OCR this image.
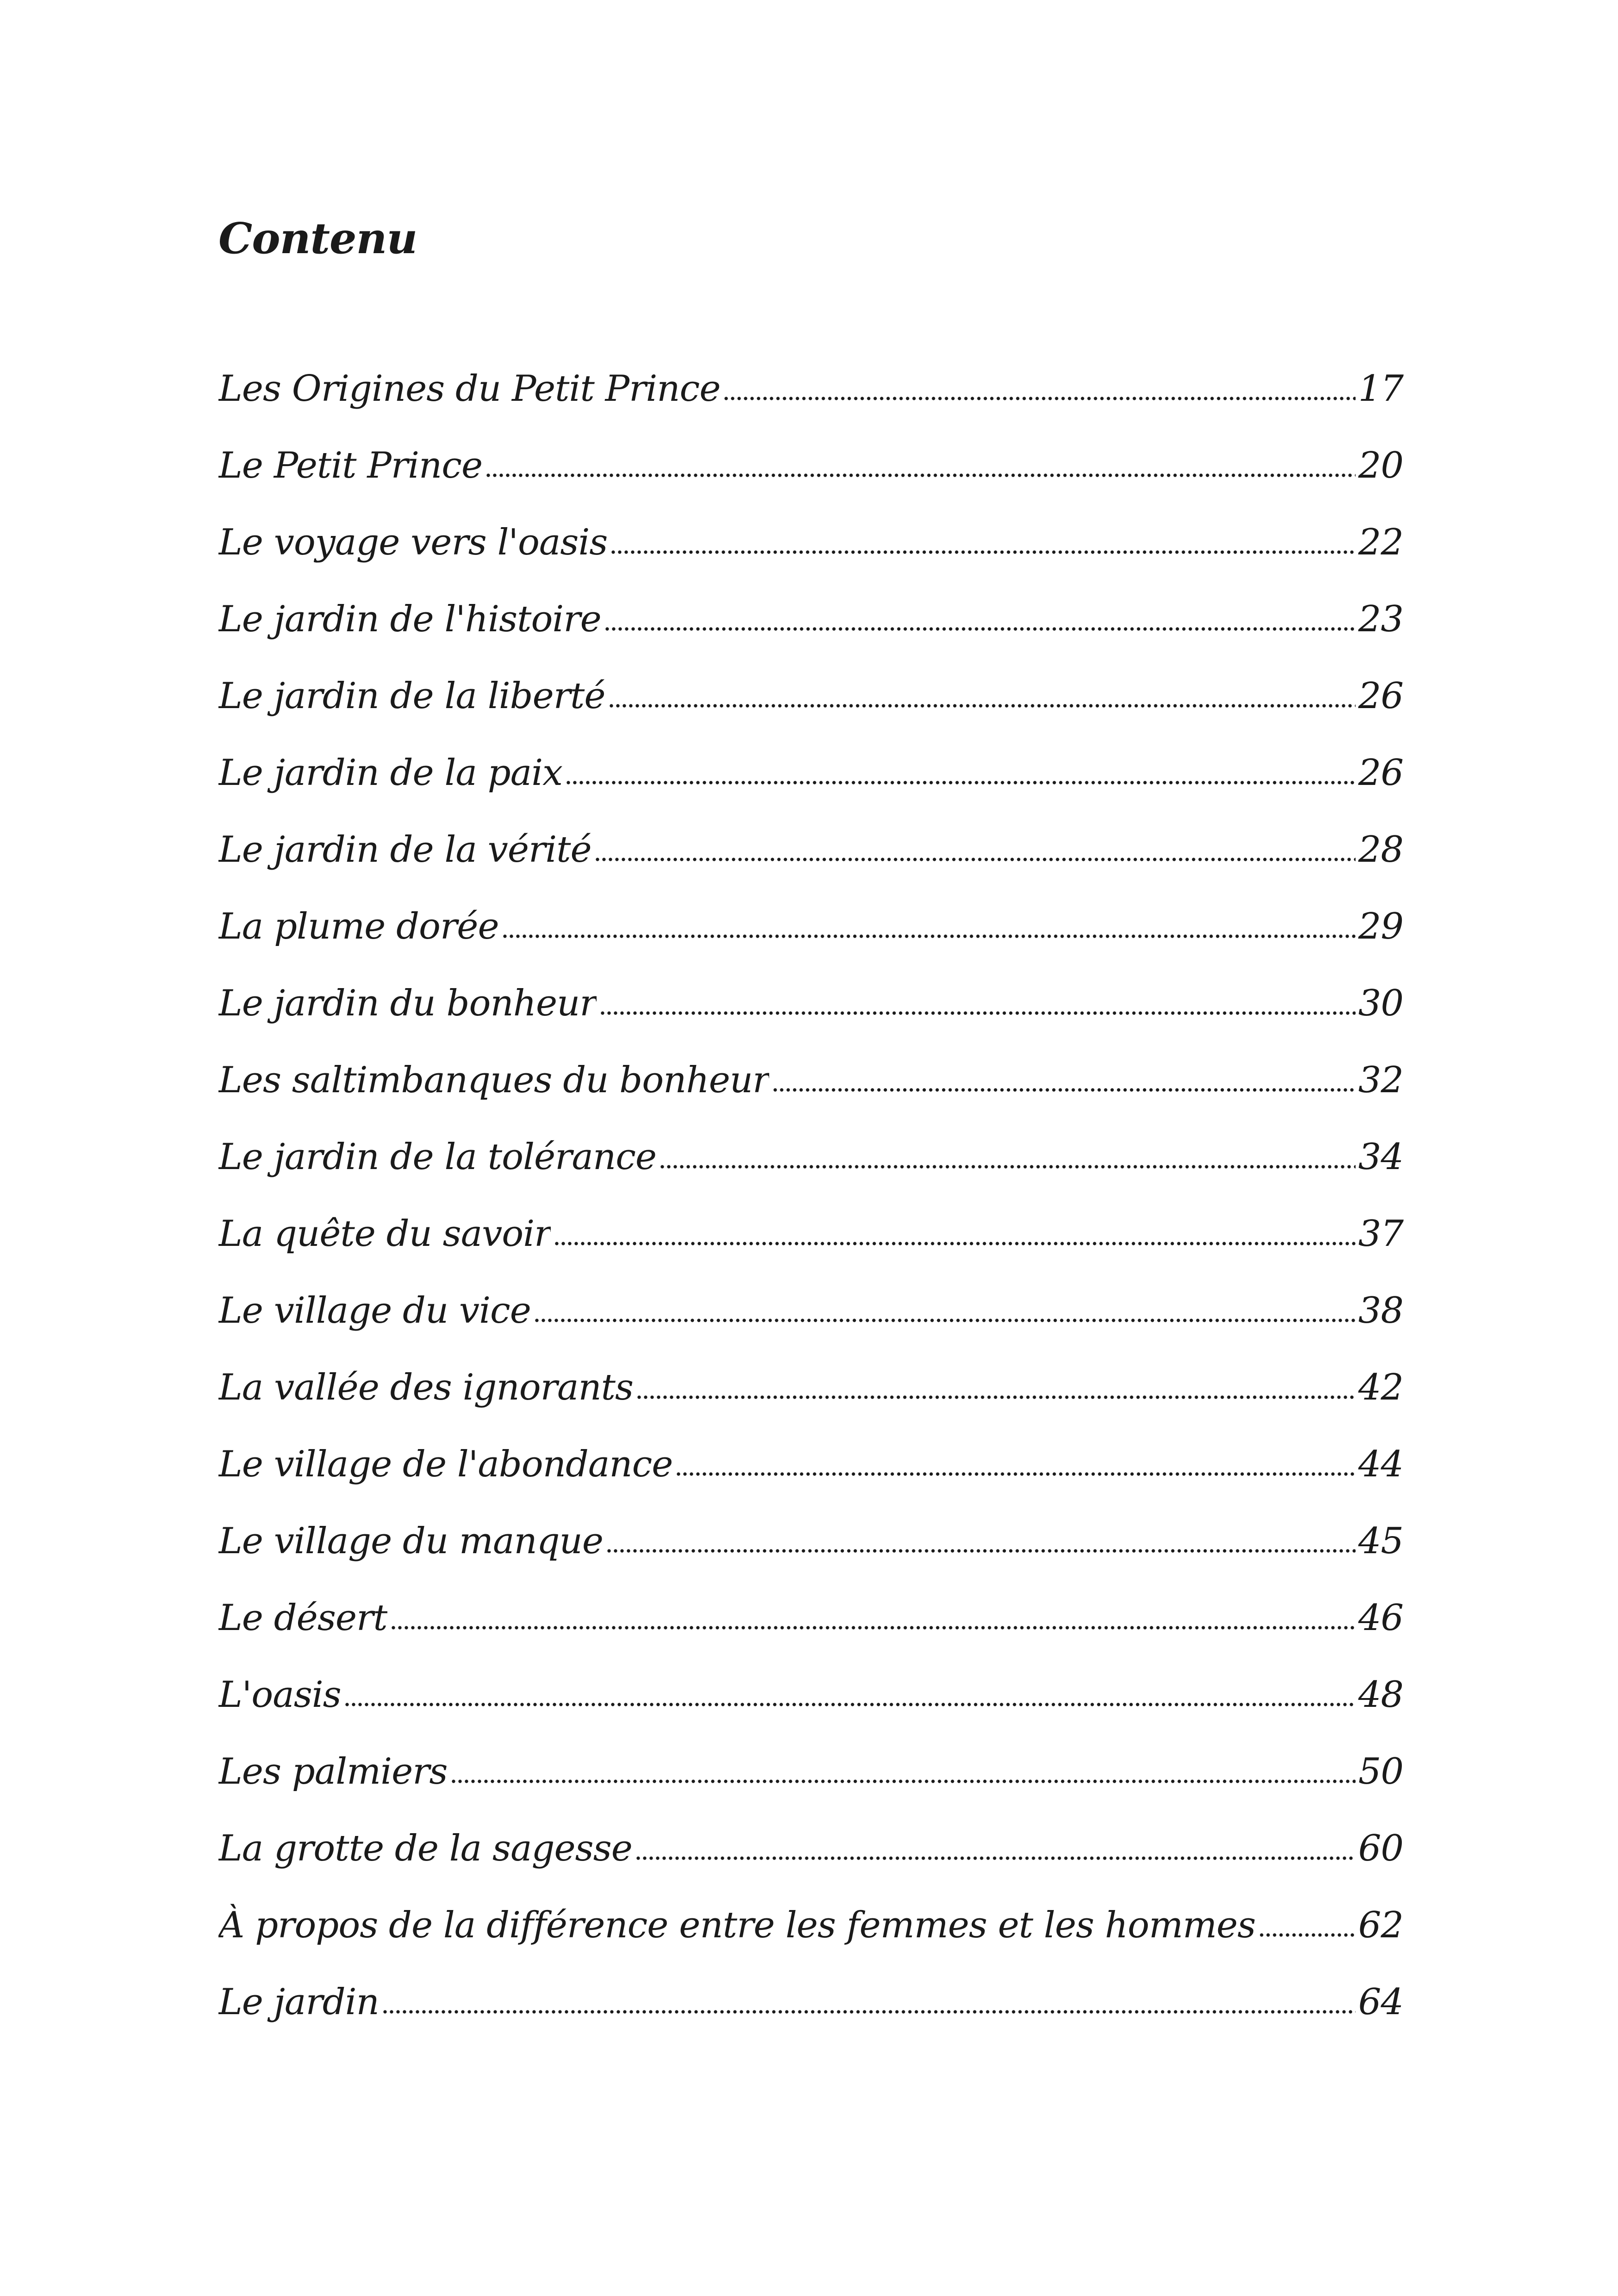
Contenu
Les Origines du Petit Prince	17
Le Petit Prince	20
Le voyage vers l'oasis	22
Le jardin de l'histoire	23
Le jardin de la liberté	26
Le jardin de la paix	26
Le jardin de la vérité	28
La plume dorée	29
Le jardin du bonheur	30
Les saltimbanques du bonheur	32
Le jardin de la tolérance	34
La quête du savoir	37
Le village du vice	38
La vallée des ignorants	42
Le village de l'abondance	44
Le village du manque	45
Le désert	46
L'oasis	48
Les palmiers	50
La grotte de la sagesse	60
À propos de la différence entre les femmes et les hommes	62
Le jardin	64
